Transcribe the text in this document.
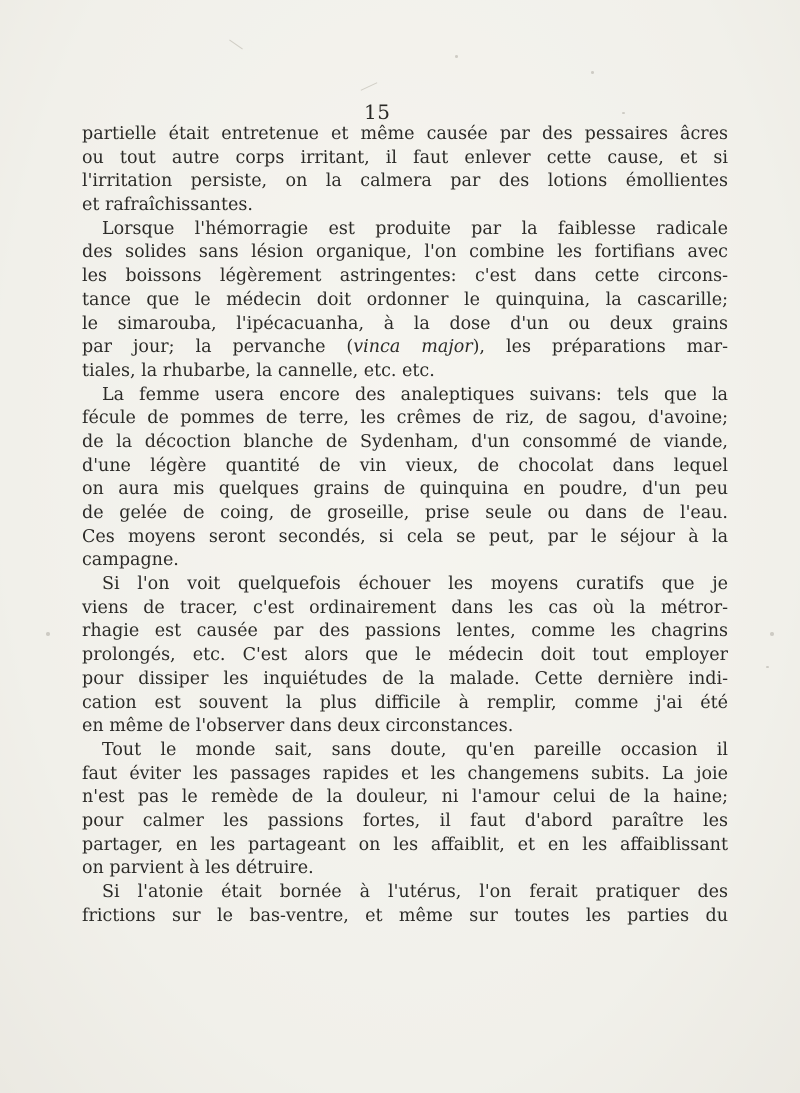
15
partielle était entretenue et même causée par des pessaires âcres
ou tout autre corps irritant, il faut enlever cette cause, et si
l'irritation persiste, on la calmera par des lotions émollientes
et rafraîchissantes.
Lorsque l'hémorragie est produite par la faiblesse radicale
des solides sans lésion organique, l'on combine les fortifians avec
les boissons légèrement astringentes: c'est dans cette circons-
tance que le médecin doit ordonner le quinquina, la cascarille;
le simarouba, l'ipécacuanha, à la dose d'un ou deux grains
par jour; la pervanche (vinca major), les préparations mar-
tiales, la rhubarbe, la cannelle, etc. etc.
La femme usera encore des analeptiques suivans: tels que la
fécule de pommes de terre, les crêmes de riz, de sagou, d'avoine;
de la décoction blanche de Sydenham, d'un consommé de viande,
d'une légère quantité de vin vieux, de chocolat dans lequel
on aura mis quelques grains de quinquina en poudre, d'un peu
de gelée de coing, de groseille, prise seule ou dans de l'eau.
Ces moyens seront secondés, si cela se peut, par le séjour à la
campagne.
Si l'on voit quelquefois échouer les moyens curatifs que je
viens de tracer, c'est ordinairement dans les cas où la métror-
rhagie est causée par des passions lentes, comme les chagrins
prolongés, etc. C'est alors que le médecin doit tout employer
pour dissiper les inquiétudes de la malade. Cette dernière indi-
cation est souvent la plus difficile à remplir, comme j'ai été
en même de l'observer dans deux circonstances.
Tout le monde sait, sans doute, qu'en pareille occasion il
faut éviter les passages rapides et les changemens subits. La joie
n'est pas le remède de la douleur, ni l'amour celui de la haine;
pour calmer les passions fortes, il faut d'abord paraître les
partager, en les partageant on les affaiblit, et en les affaiblissant
on parvient à les détruire.
Si l'atonie était bornée à l'utérus, l'on ferait pratiquer des
frictions sur le bas-ventre, et même sur toutes les parties du
